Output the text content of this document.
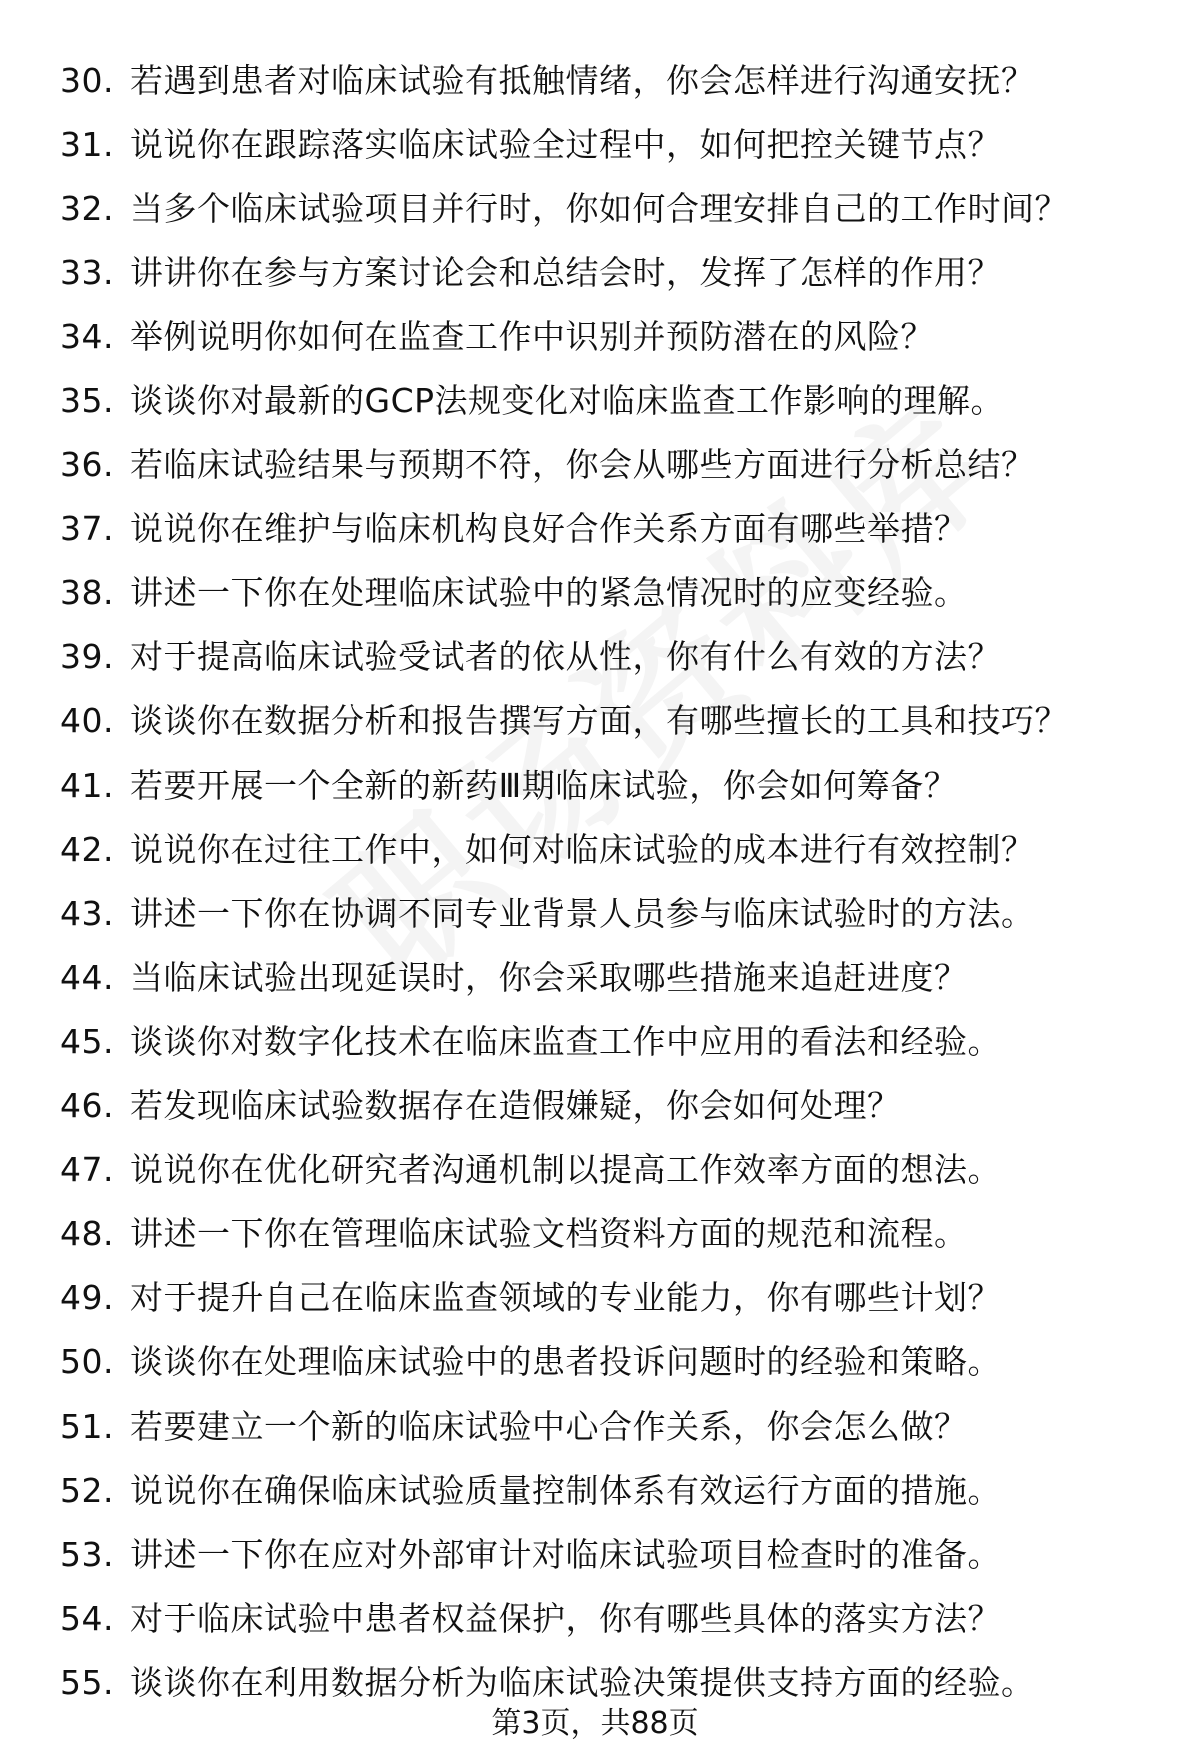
30. 若遇到患者对临床试验有抵触情绪，你会怎样进行沟通安抚？
31. 说说你在跟踪落实临床试验全过程中，如何把控关键节点？
32. 当多个临床试验项目并行时，你如何合理安排自己的工作时间？
33. 讲讲你在参与方案讨论会和总结会时，发挥了怎样的作用？
34. 举例说明你如何在监查工作中识别并预防潜在的风险？
35. 谈谈你对最新的GCP法规变化对临床监查工作影响的理解。
36. 若临床试验结果与预期不符，你会从哪些方面进行分析总结？
37. 说说你在维护与临床机构良好合作关系方面有哪些举措？
38. 讲述一下你在处理临床试验中的紧急情况时的应变经验。
39. 对于提高临床试验受试者的依从性，你有什么有效的方法？
40. 谈谈你在数据分析和报告撰写方面，有哪些擅长的工具和技巧？
41. 若要开展一个全新的新药Ⅲ期临床试验，你会如何筹备？
42. 说说你在过往工作中，如何对临床试验的成本进行有效控制？
43. 讲述一下你在协调不同专业背景人员参与临床试验时的方法。
44. 当临床试验出现延误时，你会采取哪些措施来追赶进度？
45. 谈谈你对数字化技术在临床监查工作中应用的看法和经验。
46. 若发现临床试验数据存在造假嫌疑，你会如何处理？
47. 说说你在优化研究者沟通机制以提高工作效率方面的想法。
48. 讲述一下你在管理临床试验文档资料方面的规范和流程。
49. 对于提升自己在临床监查领域的专业能力，你有哪些计划？
50. 谈谈你在处理临床试验中的患者投诉问题时的经验和策略。
51. 若要建立一个新的临床试验中心合作关系，你会怎么做？
52. 说说你在确保临床试验质量控制体系有效运行方面的措施。
53. 讲述一下你在应对外部审计对临床试验项目检查时的准备。
54. 对于临床试验中患者权益保护，你有哪些具体的落实方法？
55. 谈谈你在利用数据分析为临床试验决策提供支持方面的经验。
第3页，共88页
